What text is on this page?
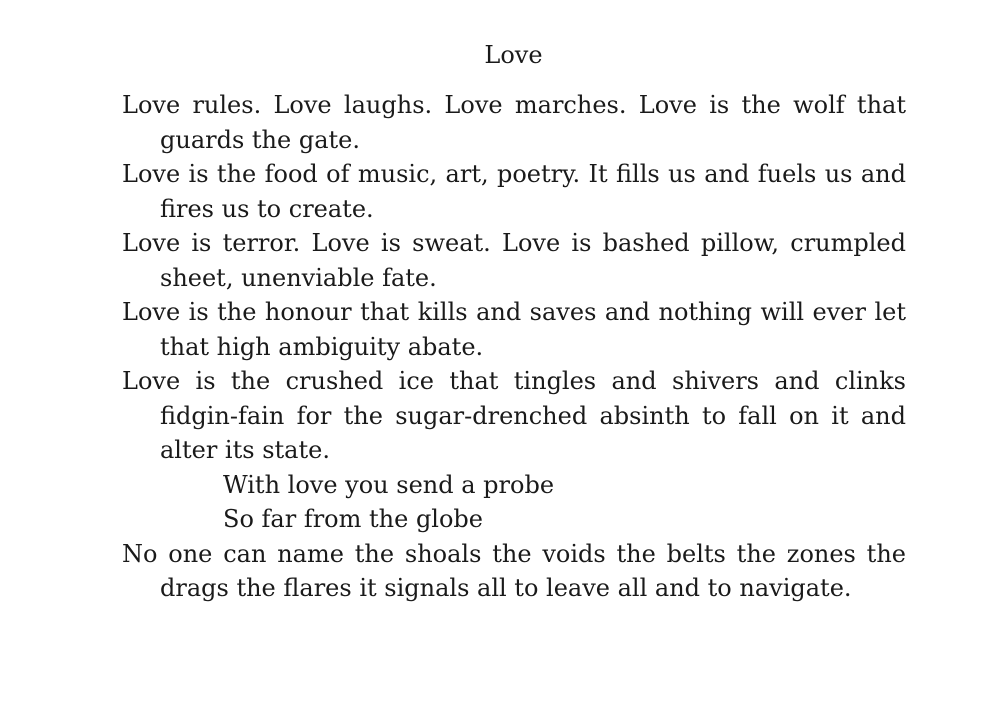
Love

Love rules. Love laughs. Love marches. Love is the wolf that guards the gate.

Love is the food of music, art, poetry. It fills us and fuels us and fires us to create.

Love is terror. Love is sweat. Love is bashed pillow, crumpled sheet, unenviable fate.

Love is the honour that kills and saves and nothing will ever let that high ambiguity abate.

Love is the crushed ice that tingles and shivers and clinks fidgin-fain for the sugar-drenched absinth to fall on it and alter its state.

With love you send a probe

So far from the globe

No one can name the shoals the voids the belts the zones the drags the flares it signals all to leave all and to navigate.
